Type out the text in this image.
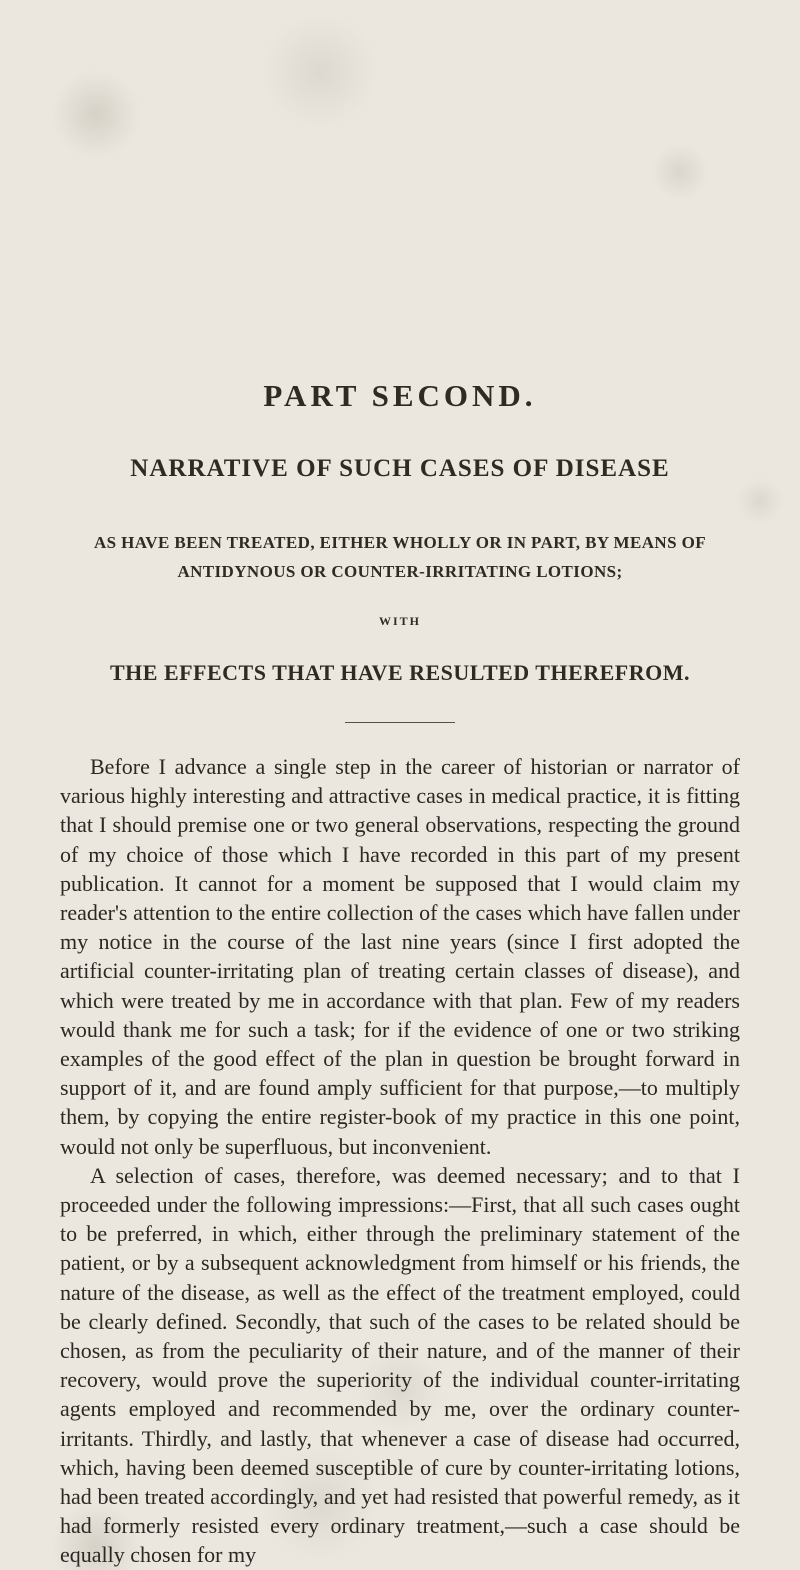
PART SECOND.
NARRATIVE OF SUCH CASES OF DISEASE
AS HAVE BEEN TREATED, EITHER WHOLLY OR IN PART, BY MEANS OF
ANTIDYNOUS OR COUNTER-IRRITATING LOTIONS;
WITH
THE EFFECTS THAT HAVE RESULTED THEREFROM.

Before I advance a single step in the career of historian or narrator of various highly interesting and attractive cases in medical practice, it is fitting that I should premise one or two general observations, respecting the ground of my choice of those which I have recorded in this part of my present publication. It cannot for a moment be supposed that I would claim my reader's attention to the entire collection of the cases which have fallen under my notice in the course of the last nine years (since I first adopted the artificial counter-irritating plan of treating certain classes of disease), and which were treated by me in accordance with that plan. Few of my readers would thank me for such a task; for if the evidence of one or two striking examples of the good effect of the plan in question be brought forward in support of it, and are found amply sufficient for that purpose,—to multiply them, by copying the entire register-book of my practice in this one point, would not only be superfluous, but inconvenient.

A selection of cases, therefore, was deemed necessary; and to that I proceeded under the following impressions:—First, that all such cases ought to be preferred, in which, either through the preliminary statement of the patient, or by a subsequent acknowledgment from himself or his friends, the nature of the disease, as well as the effect of the treatment employed, could be clearly defined. Secondly, that such of the cases to be related should be chosen, as from the peculiarity of their nature, and of the manner of their recovery, would prove the superiority of the individual counter-irritating agents employed and recommended by me, over the ordinary counter-irritants. Thirdly, and lastly, that whenever a case of disease had occurred, which, having been deemed susceptible of cure by counter-irritating lotions, had been treated accordingly, and yet had resisted that powerful remedy, as it had formerly resisted every ordinary treatment,—such a case should be equally chosen for my
